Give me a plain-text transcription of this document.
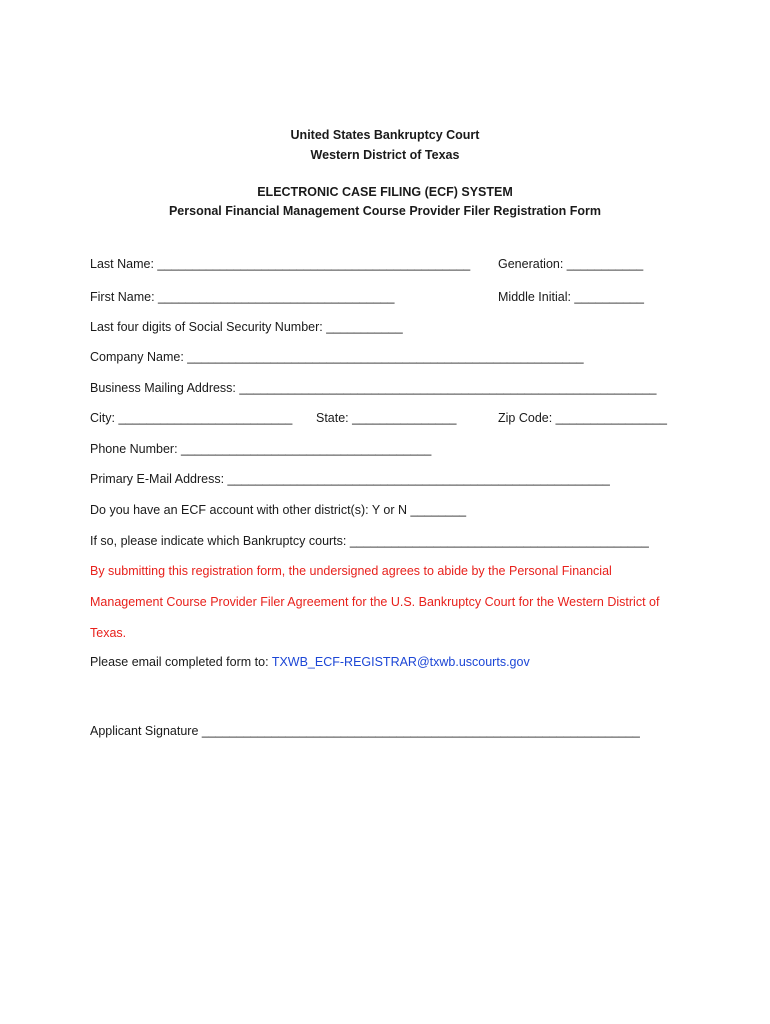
United States Bankruptcy Court
Western District of Texas
ELECTRONIC CASE FILING (ECF) SYSTEM
Personal Financial Management Course Provider Filer Registration Form
Last Name: _____________________________________________ Generation: ___________
First Name: __________________________________	Middle Initial: __________
Last four digits of Social Security Number: ___________
Company Name: _________________________________________________________
Business Mailing Address: ____________________________________________________________
City: _________________________ State: _______________	Zip Code: ________________
Phone Number: ____________________________________
Primary E-Mail Address: _______________________________________________________
Do you have an ECF account with other district(s): Y or N ________
If so, please indicate which Bankruptcy courts: ___________________________________________
By submitting this registration form, the undersigned agrees to abide by the Personal Financial
Management Course Provider Filer Agreement for the U.S. Bankruptcy Court for the Western District of
Texas.
Please email completed form to: TXWB_ECF-REGISTRAR@txwb.uscourts.gov
Applicant Signature _______________________________________________________________
